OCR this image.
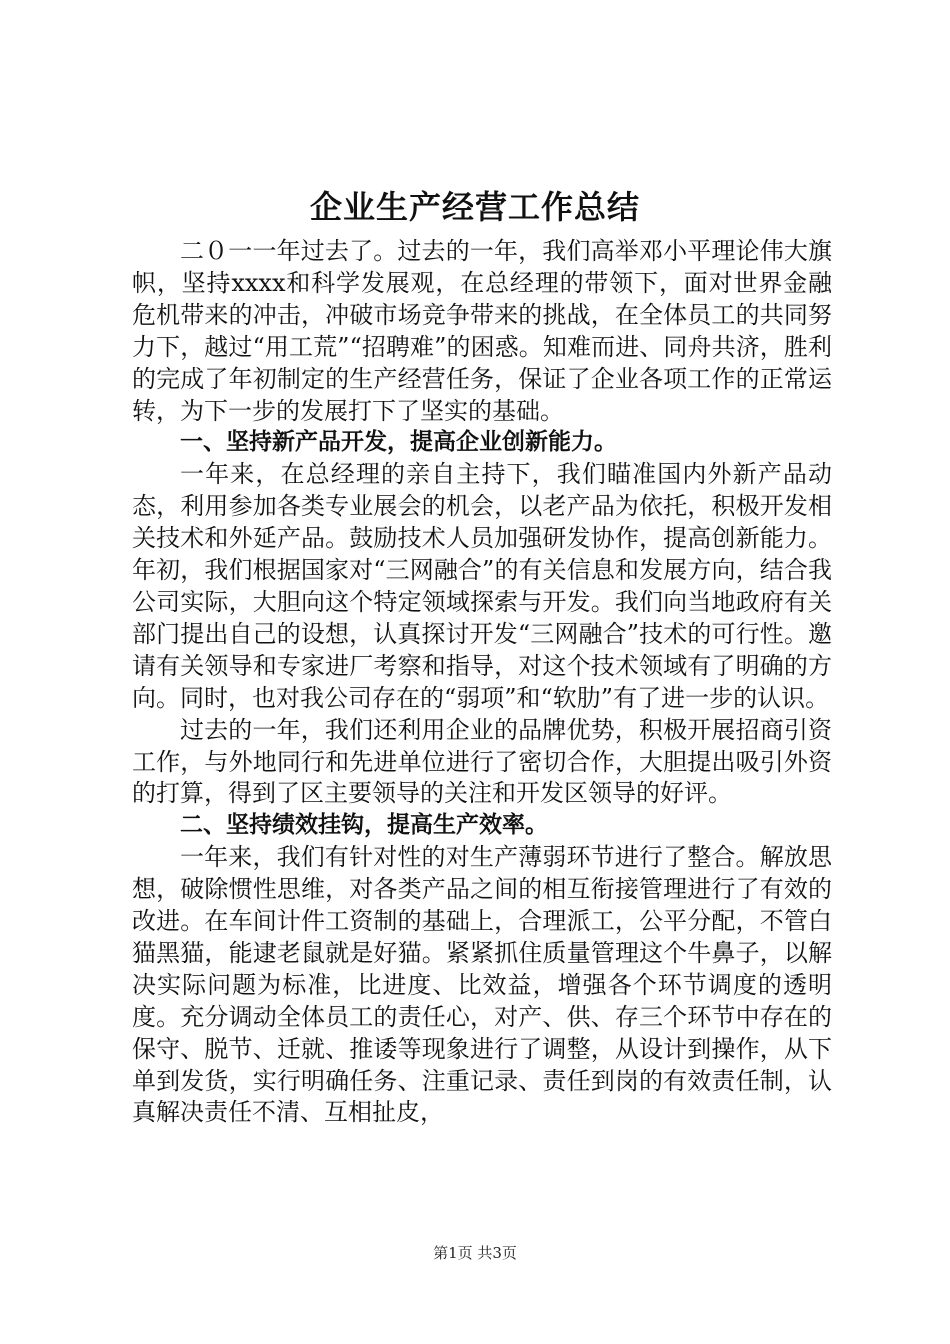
企业生产经营工作总结

二０一一年过去了。过去的一年，我们高举邓小平理论伟大旗帜，坚持xxxx和科学发展观，在总经理的带领下，面对世界金融危机带来的冲击，冲破市场竞争带来的挑战，在全体员工的共同努力下，越过“用工荒”“招聘难”的困惑。知难而进、同舟共济，胜利的完成了年初制定的生产经营任务，保证了企业各项工作的正常运转，为下一步的发展打下了坚实的基础。

一、坚持新产品开发，提高企业创新能力。

一年来，在总经理的亲自主持下，我们瞄准国内外新产品动态，利用参加各类专业展会的机会，以老产品为依托，积极开发相关技术和外延产品。鼓励技术人员加强研发协作，提高创新能力。年初，我们根据国家对“三网融合”的有关信息和发展方向，结合我公司实际，大胆向这个特定领域探索与开发。我们向当地政府有关部门提出自己的设想，认真探讨开发“三网融合”技术的可行性。邀请有关领导和专家进厂考察和指导，对这个技术领域有了明确的方向。同时，也对我公司存在的“弱项”和“软肋”有了进一步的认识。

过去的一年，我们还利用企业的品牌优势，积极开展招商引资工作，与外地同行和先进单位进行了密切合作，大胆提出吸引外资的打算，得到了区主要领导的关注和开发区领导的好评。

二、坚持绩效挂钩，提高生产效率。

一年来，我们有针对性的对生产薄弱环节进行了整合。解放思想，破除惯性思维，对各类产品之间的相互衔接管理进行了有效的改进。在车间计件工资制的基础上，合理派工，公平分配，不管白猫黑猫，能逮老鼠就是好猫。紧紧抓住质量管理这个牛鼻子，以解决实际问题为标准，比进度、比效益，增强各个环节调度的透明度。充分调动全体员工的责任心，对产、供、存三个环节中存在的保守、脱节、迁就、推诿等现象进行了调整，从设计到操作，从下单到发货，实行明确任务、注重记录、责任到岗的有效责任制，认真解决责任不清、互相扯皮，

第1页 共3页
